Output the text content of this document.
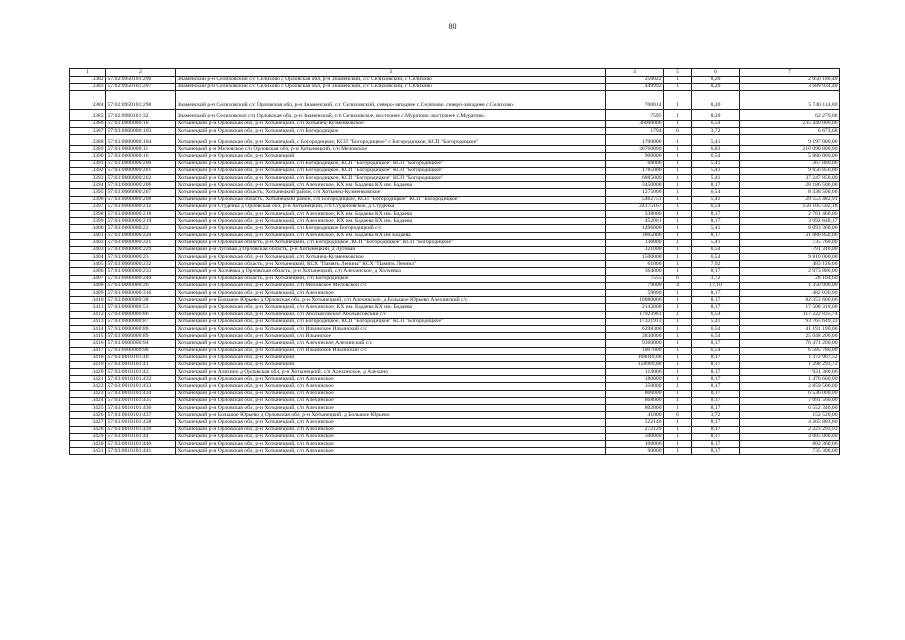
80
1	2	3	4	5	6	7
3382	57:02:0950101:296	Знаменский р-н Селиховский с/с Селихово с Орловская обл, р-н Знаменский, с/с Селиховский, с Селихово	250022	1	8,20	2 050 180,40
3383	57:02:0950101:297	Знаменский р-н Селиховский с/с Селихово с Орловская обл, р-н Знаменский, с/с Селиховский, с Селихово	449992	1	8,20	3 689 934,40
3384	57:02:0950101:298	Знаменский р-н Селиховский с/с Орловская обл, р-н Знаменский, с/с Селиховский, северо-западнее с.Селихово. северо-западнее с.Селихово.	700014	1	8,20	5 740 114,80
3385	57:02:0960101:32	Знаменский р-н Селиховское с/п Орловская обл, р-н Знаменский, с/п Селиховское, восточнее с.Муратово. восточнее с.Муратово.	7595	1	8,20	62 279,00
3386	57:03:0000000:10	Хотынецкий р-н Орловская обл, р-н Хотынецкий, с/п Хотынец-Кузменковское	36000000	1	6,54	235 440 000,00
3387	57:03:0000000:103	Хотынецкий р-н Орловская обл, р-н Хотынецкий, с/п Богородицкое	1794	6	3,72	6 673,68
3388	57:03:0000000:104	Хотынецкий р-н Орловская обл, р-н Хотынецкий, с Богородицкое, КСП "Богородицкое" с Богородицкое, КСП "Богородицкое"	1700000	1	5,41	9 197 000,00
3389	57:03:0000000:11	Хотынецкий р-н Меловское с/п Орловская обл, р-н Хотынецкий, с/п Меловское	30760000	1	6,83	210 090 800,00
3390	57:03:0000000:16	Хотынецкий р-н Орловская обл, р-н Хотынецкий	900000	1	6,54	5 886 000,00
3391	57:03:0000000:200	Хотынецкий р-н Орловская обл, р-н Хотынецкий, с/п Богородицкое, КСП "Богородицкое" КСП "Богородицкое"	68000	1	5,41	367 880,00
3392	57:03:0000000:201	Хотынецкий р-н Орловская обл, р-н Хотынецкий, с/п Богородицкое, КСП "Богородицкое" КСП "Богородицкое"	1785000	1	5,41	9 656 850,00
3393	57:03:0000000:202	Хотынецкий р-н Орловская обл, р-н Хотынецкий, с/п Богородицкое, КСП "Богородицкое" КСП "Богородицкое"	6885000	1	5,41	37 247 850,00
3394	57:03:0000000:206	Хотынецкий р-н Орловская обл, р-н Хотынецкий, с/п Алехинское, КХ им. Бадаева КХ им. Бадаева	3450000	1	8,17	28 186 500,00
3395	57:03:0000000:207	Хотынецкий р-н Орловская область, Хотынецкий район, с/п Хотынец-Кузменковское	1275000	1	6,54	8 338 500,00
3396	57:03:0000000:208	Хотынецкий р-н Орловская область, Хотынецкий район, с/п Богородицкое, КСП "Богородицкое" КСП "Богородицкое"	5462751	1	5,41	29 553 482,91
3397	57:03:0000000:212	Хотынецкий р-н Студёнка д Орловская обл, р-н Хотынецкий, с/п Студеновское, д Студенка	24175167	1	6,54	158 105 592,18
3398	57:03:0000000:218	Хотынецкий р-н Орловская обл, р-н Хотынецкий, с/п Алехинское, КХ им. Бадаева КХ им. Бадаева	338000	1	8,17	2 761 460,00
3399	57:03:0000000:219	Хотынецкий р-н Орловская обл, р-н Хотынецкий, с/п Алехинское, КХ им. Бадаева КХ им. Бадаева	452001	1	8,17	3 692 848,17
3400	57:03:0000000:22	Хотынецкий р-н Орловская обл, р-н Хотынецкий, с/п Богородицкое Богородицкий с/с	1496000	1	5,41	8 093 360,00
3401	57:03:0000000:220	Хотынецкий р-н Орловская обл, р-н Хотынецкий, с/п Алехинское, КХ им. Бадаева КХ им Бадаева	3805000	1	8,17	31 086 850,00
3402	57:03:0000000:221	Хотынецкий р-н Орловская область, р-н Хотынецкий, с/п Богородицкое, КСП "Богородицкое" КСП "Богородицкое"	136000	1	5,41	735 760,00
3403	57:03:0000000:229	Хотынецкий р-н Луговая д Орловская область, р-н Хотынецкий, д Луговая	121000	1	6,54	791 340,00
3404	57:03:0000000:23	Хотынецкий р-н Орловская обл, р-н Хотынецкий, с/п Хотынец-Кузменковское	1500000	1	6,54	9 810 000,00
3405	57:03:0000000:232	Хотынецкий р-н Орловская область, р-н Хотынецкий, КСХ "Память Ленина" КСХ "Память Ленина"	61000	1	7,92	483 120,00
3406	57:03:0000000:233	Хотынецкий р-н Холчёвка д Орловская область, р-н Хотынецкий, с/п Алехинское, д Холчевка	364000	1	8,17	2 973 880,00
3407	57:03:0000000:240	Хотынецкий р-н Орловская область, р-н Хотынецкий, с/п Богородицкое	7555	6	3,72	28 104,60
3408	57:03:0000000:26	Хотынецкий р-н Орловская обл, р-н Хотынецкий, с/п Меловское Меловской с/с	79000	4	17,10	1 350 900,00
3409	57:03:0000000:316	Хотынецкий р-н Орловская обл, р-н Хотынецкий, с/п Алехинское	59000	1	8,17	482 030,00
3410	57:03:0000000:38	Хотынецкий р-н Большое Юрьево д Орловская обл, р-н Хотынецкий, с/п Алехинское, д Большое Юрьево Алехинский с/с	10080000	1	8,17	82 353 600,00
3411	57:03:0000000:53	Хотынецкий р-н Орловская обл, р-н Хотынецкий, с/п Алехинское, КХ им. Бадаева КХ им. Бадаева	2143000	1	8,17	17 508 310,00
3412	57:03:0000000:86	Хотынецкий р-н Орловская обл, р-н Хотынецкий, с/п Абольясовское Абольясовский с/с	17923981	1	6,54	117 222 835,74
3413	57:03:0000000:87	Хотынецкий р-н Орловская обл, р-н Хотынецкий, с/п Богородицкое, КСП "Богородицкое" КСП "Богородицкое"	17331913	1	5,41	93 765 649,33
3414	57:03:0000000:88	Хотынецкий р-н Орловская обл, р-н Хотынецкий, с/п Ильинское Ильинский с/с	6298300	1	6,54	41 191 190,00
3415	57:03:0000000:89	Хотынецкий р-н Орловская обл, р-н Хотынецкий, с/п Ильинское	3830000	1	6,54	25 048 200,00
3416	57:03:0000000:94	Хотынецкий р-н Орловская обл, р-н Хотынецкий, с/п Алехинское Алехинский с/с	9360000	1	8,17	76 471 200,00
3417	57:03:0000000:98	Хотынецкий р-н Орловская обл, р-н Хотынецкий, с/п Ильинское Ильинский с/с	1007000	1	6,54	6 585 780,00
3418	57:03:0010101:40	Хотынецкий р-н Орловская обл, р-н Хотынецкий	168049,88	1	8,17	1 372 967,52
3419	57:03:0010101:41	Хотынецкий р-н Орловская обл, р-н Хотынецкий	158909,88	1	8,17	1 298 293,72
3420	57:03:0010101:43	Хотынецкий р-н Алехино д Орловская обл, р-н Хотынецкий, с/п Алехинское, д Алехино	114000	1	8,17	931 380,00
3421	57:03:0010101:432	Хотынецкий р-н Орловская обл, р-н Хотынецкий, с/п Алехинское	180000	1	8,17	1 470 600,00
3422	57:03:0010101:433	Хотынецкий р-н Орловская обл, р-н Хотынецкий, с/п Алехинское	350000	1	8,17	2 859 500,00
3423	57:03:0010101:434	Хотынецкий р-н Орловская обл, р-н Хотынецкий, с/п Алехинское	800000	1	8,17	6 536 000,00
3424	57:03:0010101:435	Хотынецкий р-н Орловская обл, р-н Хотынецкий, с/п Алехинское	868000	1	8,17	7 091 560,00
3425	57:03:0010101:436	Хотынецкий р-н Орловская обл, р-н Хотынецкий, с/п Алехинское	802000	1	8,17	6 552 340,00
3426	57:03:0010101:437	Хотынецкий р-н Большое Юрьево д Орловская обл, р-н Хотынецкий, д Большое Юрьево	41000	6	3,72	152 520,00
3427	57:03:0010101:438	Хотынецкий р-н Орловская обл, р-н Хотынецкий, с/п Алехинское	522140	1	8,17	4 265 883,80
3428	57:03:0010101:439	Хотынецкий р-н Орловская обл, р-н Хотынецкий, с/п Алехинское	272129	1	8,17	2 223 293,93
3429	57:03:0010101:44	Хотынецкий р-н Орловская обл, р-н Хотынецкий, с/п Алехинское	500000	1	8,17	4 085 000,00
3430	57:03:0010101:440	Хотынецкий р-н Орловская обл, р-н Хотынецкий, с/п Алехинское	108000	1	8,17	882 360,00
3431	57:03:0010101:441	Хотынецкий р-н Орловская обл, р-н Хотынецкий, с/п Алехинское	90000	1	8,17	735 300,00
